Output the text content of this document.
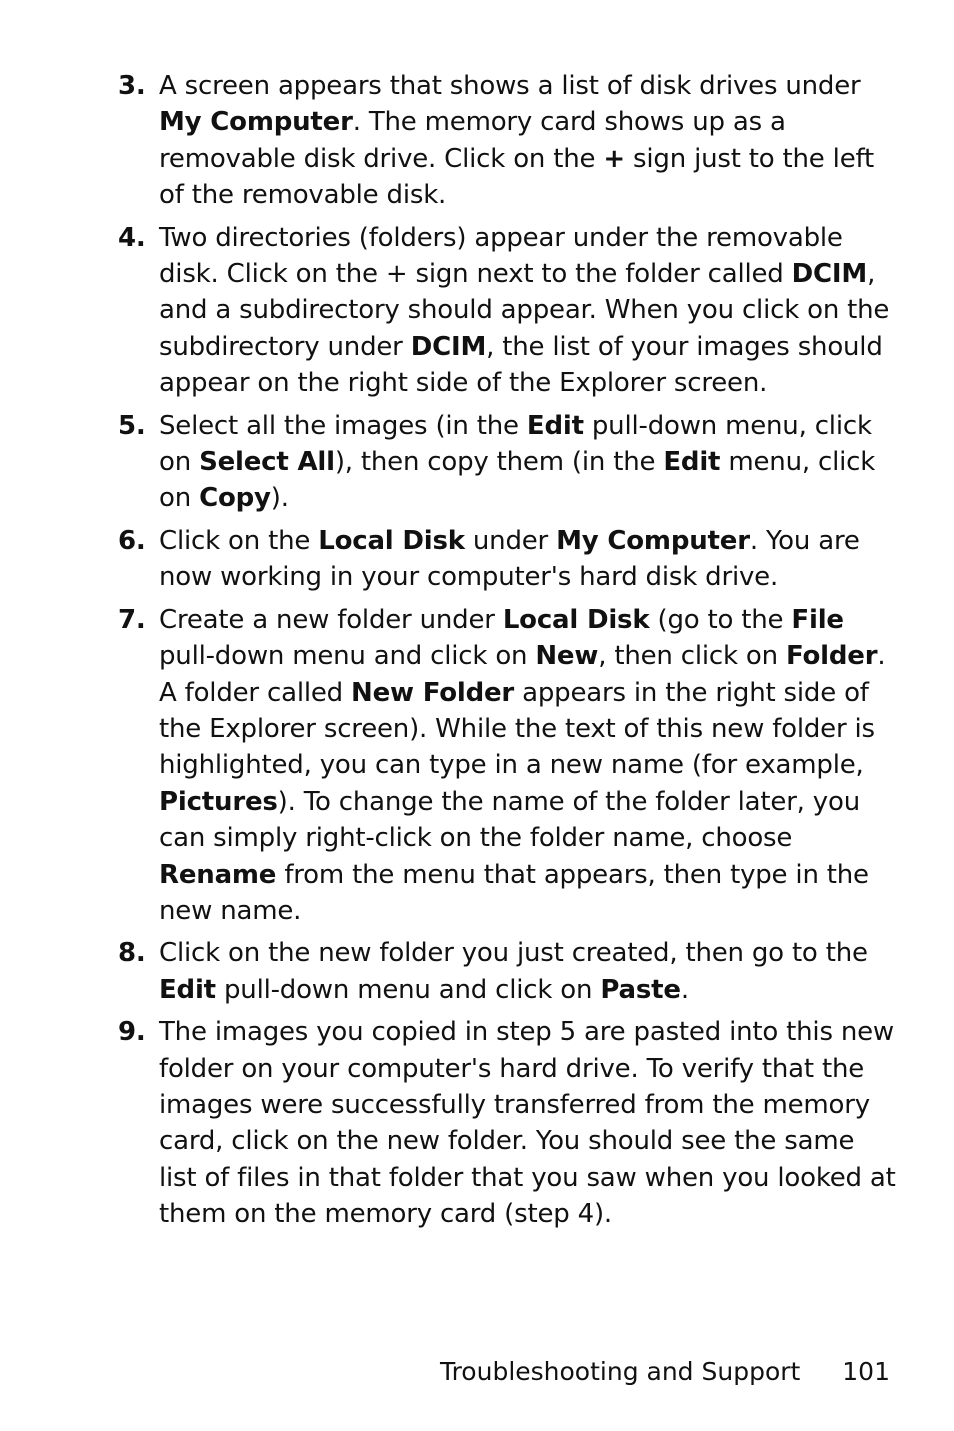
3. A screen appears that shows a list of disk drives under My Computer. The memory card shows up as a removable disk drive. Click on the + sign just to the left of the removable disk.
4. Two directories (folders) appear under the removable disk. Click on the + sign next to the folder called DCIM, and a subdirectory should appear. When you click on the subdirectory under DCIM, the list of your images should appear on the right side of the Explorer screen.
5. Select all the images (in the Edit pull-down menu, click on Select All), then copy them (in the Edit menu, click on Copy).
6. Click on the Local Disk under My Computer. You are now working in your computer's hard disk drive.
7. Create a new folder under Local Disk (go to the File pull-down menu and click on New, then click on Folder. A folder called New Folder appears in the right side of the Explorer screen). While the text of this new folder is highlighted, you can type in a new name (for example, Pictures). To change the name of the folder later, you can simply right-click on the folder name, choose Rename from the menu that appears, then type in the new name.
8. Click on the new folder you just created, then go to the Edit pull-down menu and click on Paste.
9. The images you copied in step 5 are pasted into this new folder on your computer's hard drive. To verify that the images were successfully transferred from the memory card, click on the new folder. You should see the same list of files in that folder that you saw when you looked at them on the memory card (step 4).
Troubleshooting and Support 101
